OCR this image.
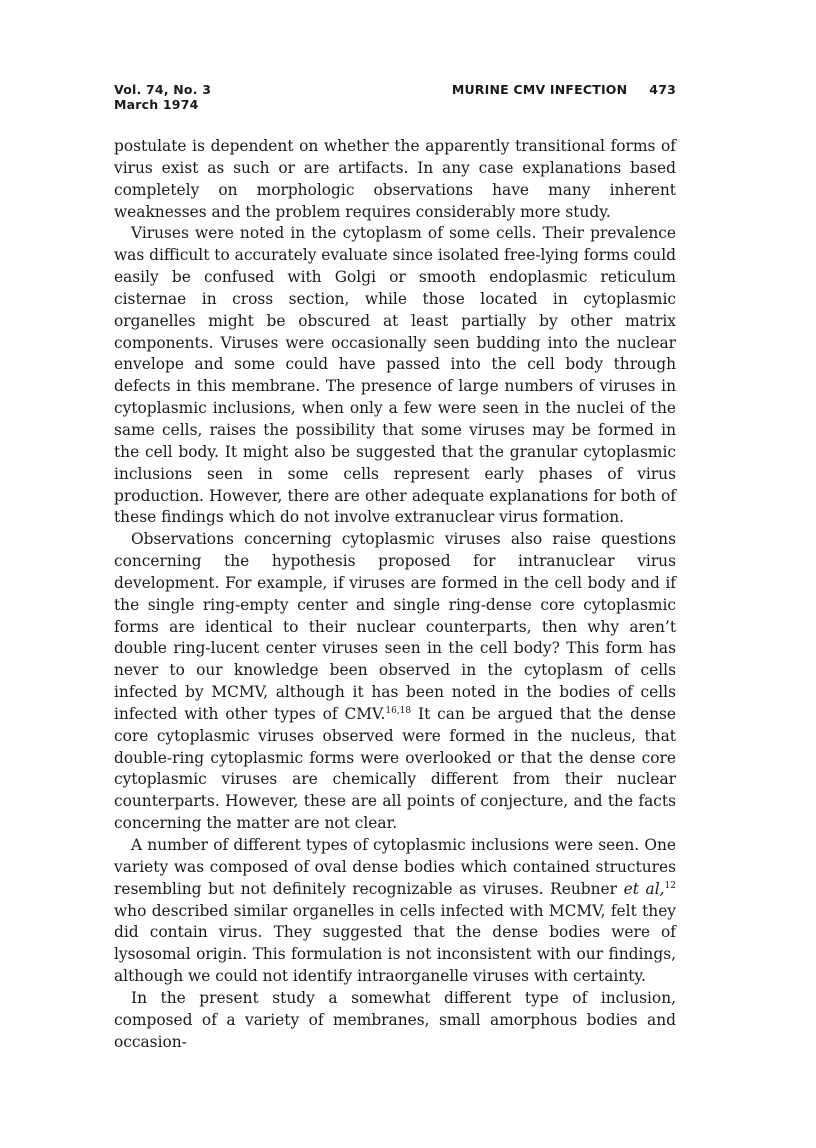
Vol. 74, No. 3
March 1974
MURINE CMV INFECTION 473

postulate is dependent on whether the apparently transitional forms of virus exist as such or are artifacts. In any case explanations based completely on morphologic observations have many inherent weaknesses and the problem requires considerably more study.

Viruses were noted in the cytoplasm of some cells. Their prevalence was difficult to accurately evaluate since isolated free-lying forms could easily be confused with Golgi or smooth endoplasmic reticulum cisternae in cross section, while those located in cytoplasmic organelles might be obscured at least partially by other matrix components. Viruses were occasionally seen budding into the nuclear envelope and some could have passed into the cell body through defects in this membrane. The presence of large numbers of viruses in cytoplasmic inclusions, when only a few were seen in the nuclei of the same cells, raises the possibility that some viruses may be formed in the cell body. It might also be suggested that the granular cytoplasmic inclusions seen in some cells represent early phases of virus production. However, there are other adequate explanations for both of these findings which do not involve extranuclear virus formation.

Observations concerning cytoplasmic viruses also raise questions concerning the hypothesis proposed for intranuclear virus development. For example, if viruses are formed in the cell body and if the single ring-empty center and single ring-dense core cytoplasmic forms are identical to their nuclear counterparts, then why aren’t double ring-lucent center viruses seen in the cell body? This form has never to our knowledge been observed in the cytoplasm of cells infected by MCMV, although it has been noted in the bodies of cells infected with other types of CMV.$^{16,18}$ It can be argued that the dense core cytoplasmic viruses observed were formed in the nucleus, that double-ring cytoplasmic forms were overlooked or that the dense core cytoplasmic viruses are chemically different from their nuclear counterparts. However, these are all points of conjecture, and the facts concerning the matter are not clear.

A number of different types of cytoplasmic inclusions were seen. One variety was composed of oval dense bodies which contained structures resembling but not definitely recognizable as viruses. Reubner et al,$^{12}$ who described similar organelles in cells infected with MCMV, felt they did contain virus. They suggested that the dense bodies were of lysosomal origin. This formulation is not inconsistent with our findings, although we could not identify intraorganelle viruses with certainty.

In the present study a somewhat different type of inclusion, composed of a variety of membranes, small amorphous bodies and occasion-
